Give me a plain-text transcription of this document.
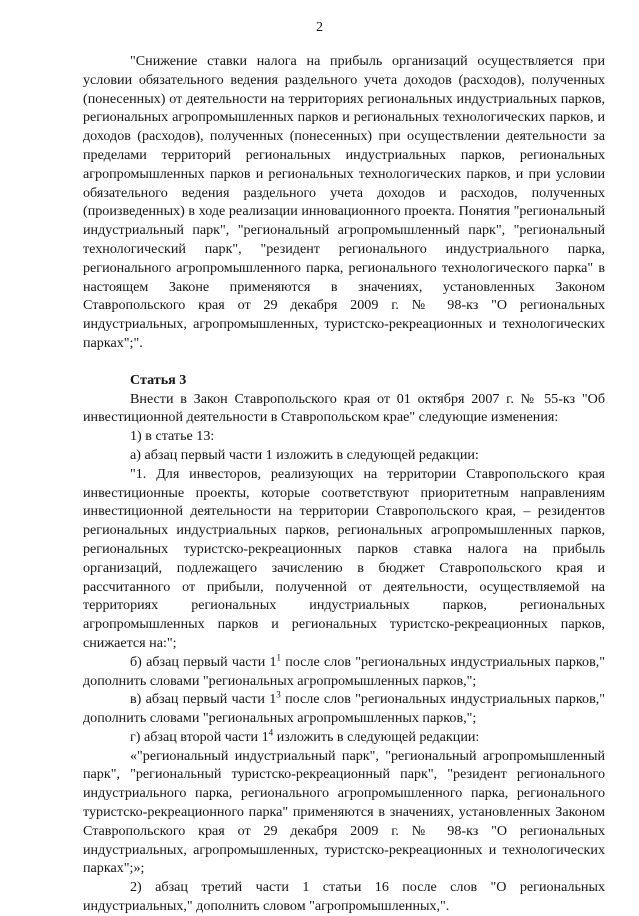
2

"Снижение ставки налога на прибыль организаций осуществляется при условии обязательного ведения раздельного учета доходов (расходов), полученных (понесенных) от деятельности на территориях региональных индустриальных парков, региональных агропромышленных парков и региональных технологических парков, и доходов (расходов), полученных (понесенных) при осуществлении деятельности за пределами территорий региональных индустриальных парков, региональных агропромышленных парков и региональных технологических парков, и при условии обязательного ведения раздельного учета доходов и расходов, полученных (произведенных) в ходе реализации инновационного проекта. Понятия "региональный индустриальный парк", "региональный агропромышленный парк", "региональный технологический парк", "резидент регионального индустриального парка, регионального агропромышленного парка, регионального технологического парка" в настоящем Законе применяются в значениях, установленных Законом Ставропольского края от 29 декабря 2009 г. № 98-кз "О региональных индустриальных, агропромышленных, туристско-рекреационных и технологических парках";".

Статья 3

Внести в Закон Ставропольского края от 01 октября 2007 г. № 55-кз "Об инвестиционной деятельности в Ставропольском крае" следующие изменения:

1) в статье 13:

а) абзац первый части 1 изложить в следующей редакции:

"1. Для инвесторов, реализующих на территории Ставропольского края инвестиционные проекты, которые соответствуют приоритетным направлениям инвестиционной деятельности на территории Ставропольского края, – резидентов региональных индустриальных парков, региональных агропромышленных парков, региональных туристско-рекреационных парков ставка налога на прибыль организаций, подлежащего зачислению в бюджет Ставропольского края и рассчитанного от прибыли, полученной от деятельности, осуществляемой на территориях региональных индустриальных парков, региональных агропромышленных парков и региональных туристско-рекреационных парков, снижается на:";

б) абзац первый части $1^1$ после слов "региональных индустриальных парков," дополнить словами "региональных агропромышленных парков,";

в) абзац первый части $1^3$ после слов "региональных индустриальных парков," дополнить словами "региональных агропромышленных парков,";

г) абзац второй части $1^4$ изложить в следующей редакции:

«"региональный индустриальный парк", "региональный агропромышленный парк", "региональный туристско-рекреационный парк", "резидент регионального индустриального парка, регионального агропромышленного парка, регионального туристско-рекреационного парка" применяются в значениях, установленных Законом Ставропольского края от 29 декабря 2009 г. № 98-кз "О региональных индустриальных, агропромышленных, туристско-рекреационных и технологических парках";»;

2) абзац третий части 1 статьи 16 после слов "О региональных индустриальных," дополнить словом "агропромышленных,".
